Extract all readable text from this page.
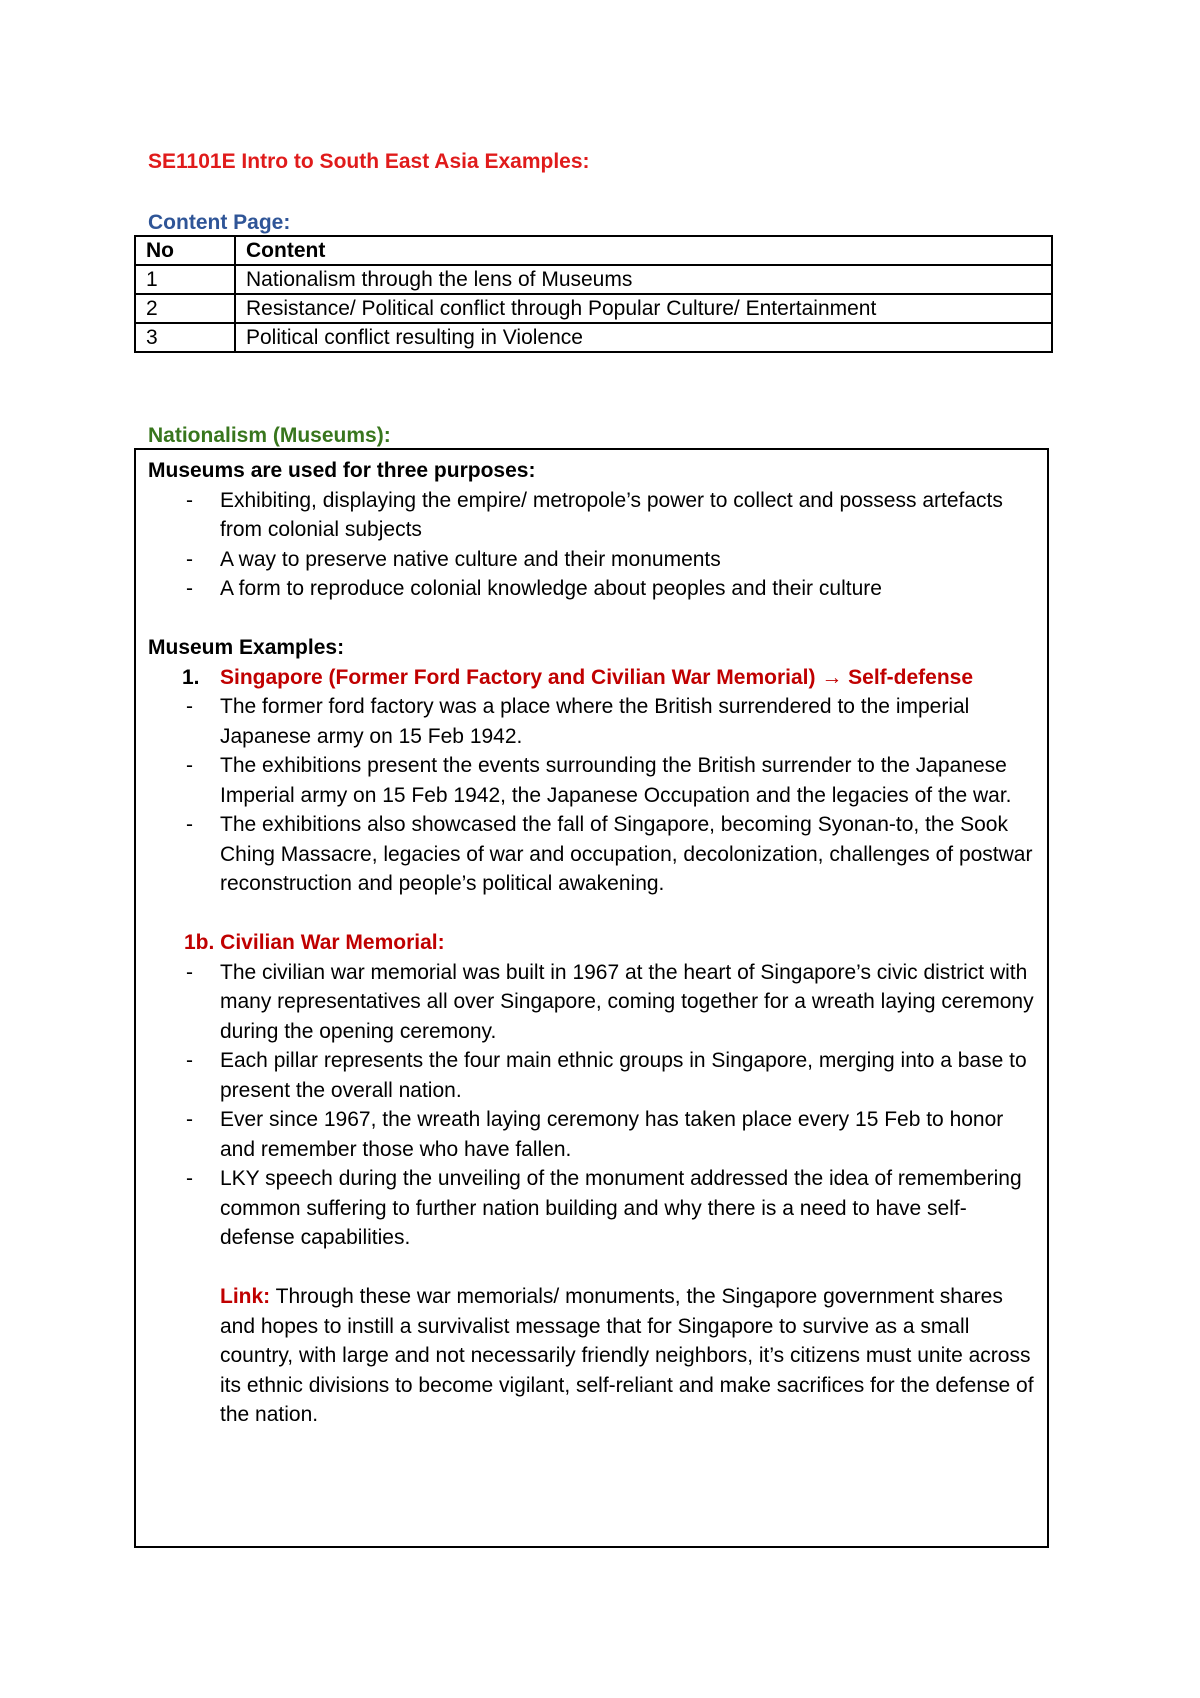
SE1101E Intro to South East Asia Examples:
Content Page:
No	Content
1	Nationalism through the lens of Museums
2	Resistance/ Political conflict through Popular Culture/ Entertainment
3	Political conflict resulting in Violence
Nationalism (Museums):
Museums are used for three purposes:
- Exhibiting, displaying the empire/ metropole’s power to collect and possess artefacts from colonial subjects
- A way to preserve native culture and their monuments
- A form to reproduce colonial knowledge about peoples and their culture
Museum Examples:
1. Singapore (Former Ford Factory and Civilian War Memorial) → Self-defense
- The former ford factory was a place where the British surrendered to the imperial Japanese army on 15 Feb 1942.
- The exhibitions present the events surrounding the British surrender to the Japanese Imperial army on 15 Feb 1942, the Japanese Occupation and the legacies of the war.
- The exhibitions also showcased the fall of Singapore, becoming Syonan-to, the Sook Ching Massacre, legacies of war and occupation, decolonization, challenges of postwar reconstruction and people’s political awakening.
1b. Civilian War Memorial:
- The civilian war memorial was built in 1967 at the heart of Singapore’s civic district with many representatives all over Singapore, coming together for a wreath laying ceremony during the opening ceremony.
- Each pillar represents the four main ethnic groups in Singapore, merging into a base to present the overall nation.
- Ever since 1967, the wreath laying ceremony has taken place every 15 Feb to honor and remember those who have fallen.
- LKY speech during the unveiling of the monument addressed the idea of remembering common suffering to further nation building and why there is a need to have self-defense capabilities.
Link: Through these war memorials/ monuments, the Singapore government shares and hopes to instill a survivalist message that for Singapore to survive as a small country, with large and not necessarily friendly neighbors, it’s citizens must unite across its ethnic divisions to become vigilant, self-reliant and make sacrifices for the defense of the nation.
